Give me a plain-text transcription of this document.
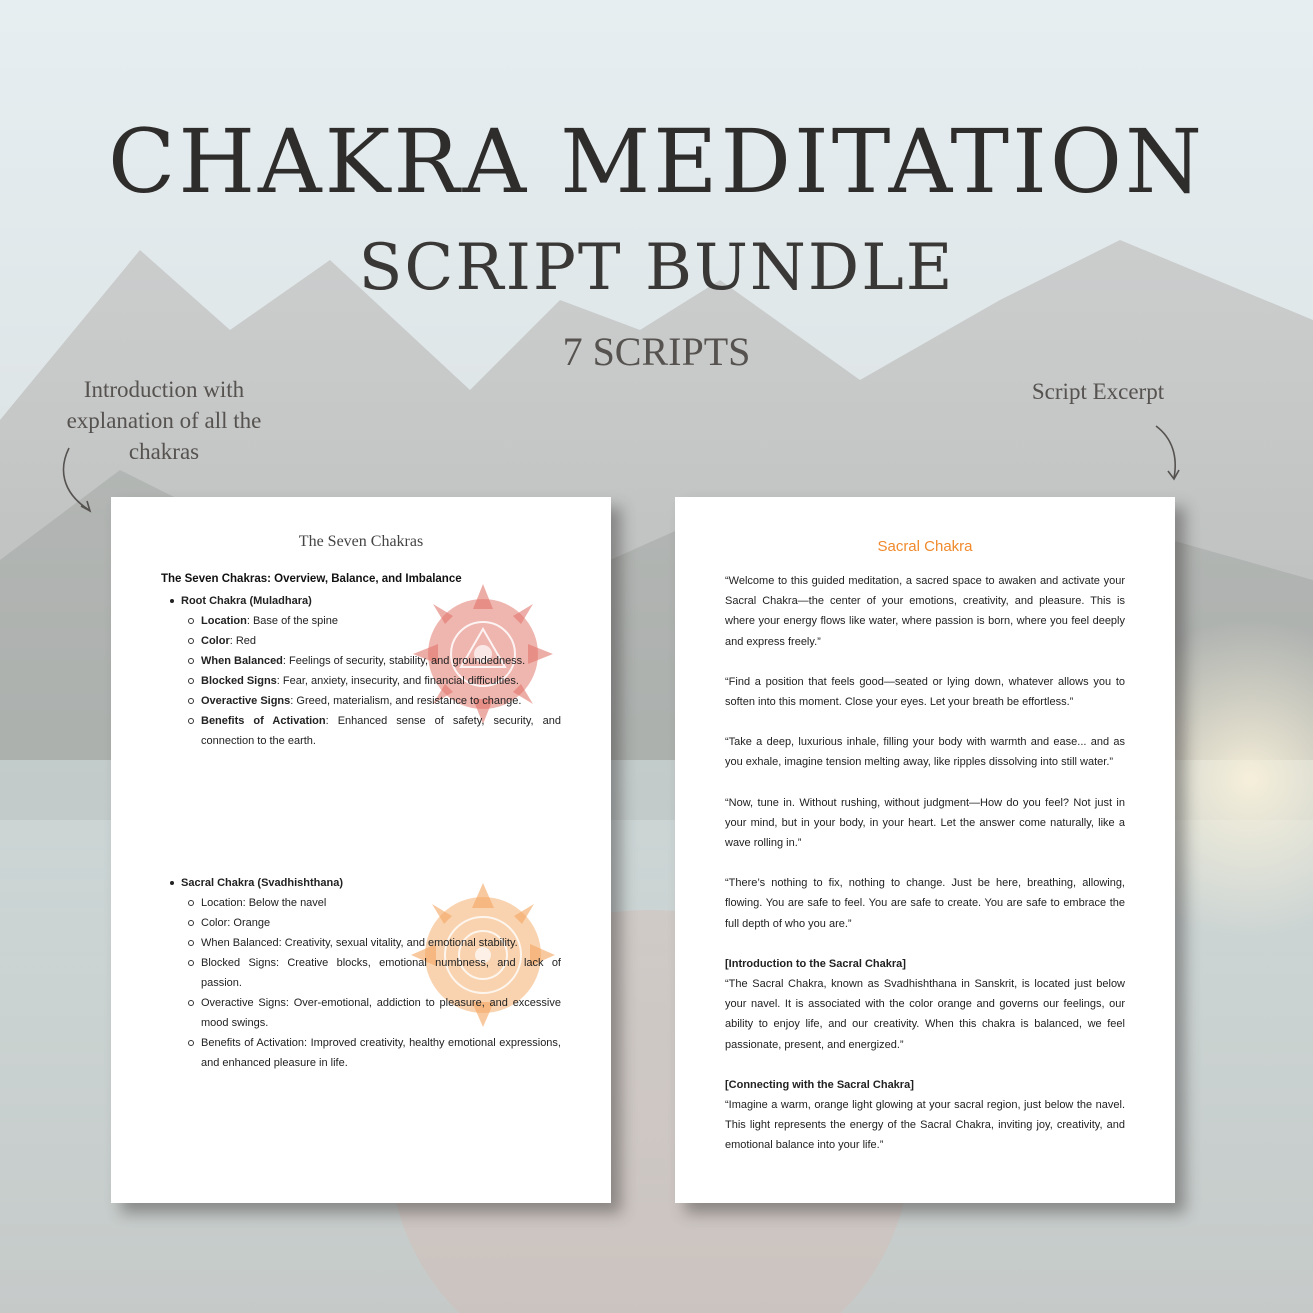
CHAKRA MEDITATION
SCRIPT BUNDLE
7 SCRIPTS
Introduction with explanation of all the chakras
Script Excerpt
The Seven Chakras
The Seven Chakras: Overview, Balance, and Imbalance
Root Chakra (Muladhara)
Location: Base of the spine
Color: Red
When Balanced: Feelings of security, stability, and groundedness.
Blocked Signs: Fear, anxiety, insecurity, and financial difficulties.
Overactive Signs: Greed, materialism, and resistance to change.
Benefits of Activation: Enhanced sense of safety, security, and connection to the earth.
Sacral Chakra (Svadhishthana)
Location: Below the navel
Color: Orange
When Balanced: Creativity, sexual vitality, and emotional stability.
Blocked Signs: Creative blocks, emotional numbness, and lack of passion.
Overactive Signs: Over-emotional, addiction to pleasure, and excessive mood swings.
Benefits of Activation: Improved creativity, healthy emotional expressions, and enhanced pleasure in life.
Sacral Chakra

“Welcome to this guided meditation, a sacred space to awaken and activate your Sacral Chakra—the center of your emotions, creativity, and pleasure. This is where your energy flows like water, where passion is born, where you feel deeply and express freely.”

“Find a position that feels good—seated or lying down, whatever allows you to soften into this moment. Close your eyes. Let your breath be effortless.”

“Take a deep, luxurious inhale, filling your body with warmth and ease... and as you exhale, imagine tension melting away, like ripples dissolving into still water.”

“Now, tune in. Without rushing, without judgment—How do you feel? Not just in your mind, but in your body, in your heart. Let the answer come naturally, like a wave rolling in.”

“There’s nothing to fix, nothing to change. Just be here, breathing, allowing, flowing. You are safe to feel. You are safe to create. You are safe to embrace the full depth of who you are.”

[Introduction to the Sacral Chakra]

“The Sacral Chakra, known as Svadhishthana in Sanskrit, is located just below your navel. It is associated with the color orange and governs our feelings, our ability to enjoy life, and our creativity. When this chakra is balanced, we feel passionate, present, and energized.”

[Connecting with the Sacral Chakra]

“Imagine a warm, orange light glowing at your sacral region, just below the navel. This light represents the energy of the Sacral Chakra, inviting joy, creativity, and emotional balance into your life.”
